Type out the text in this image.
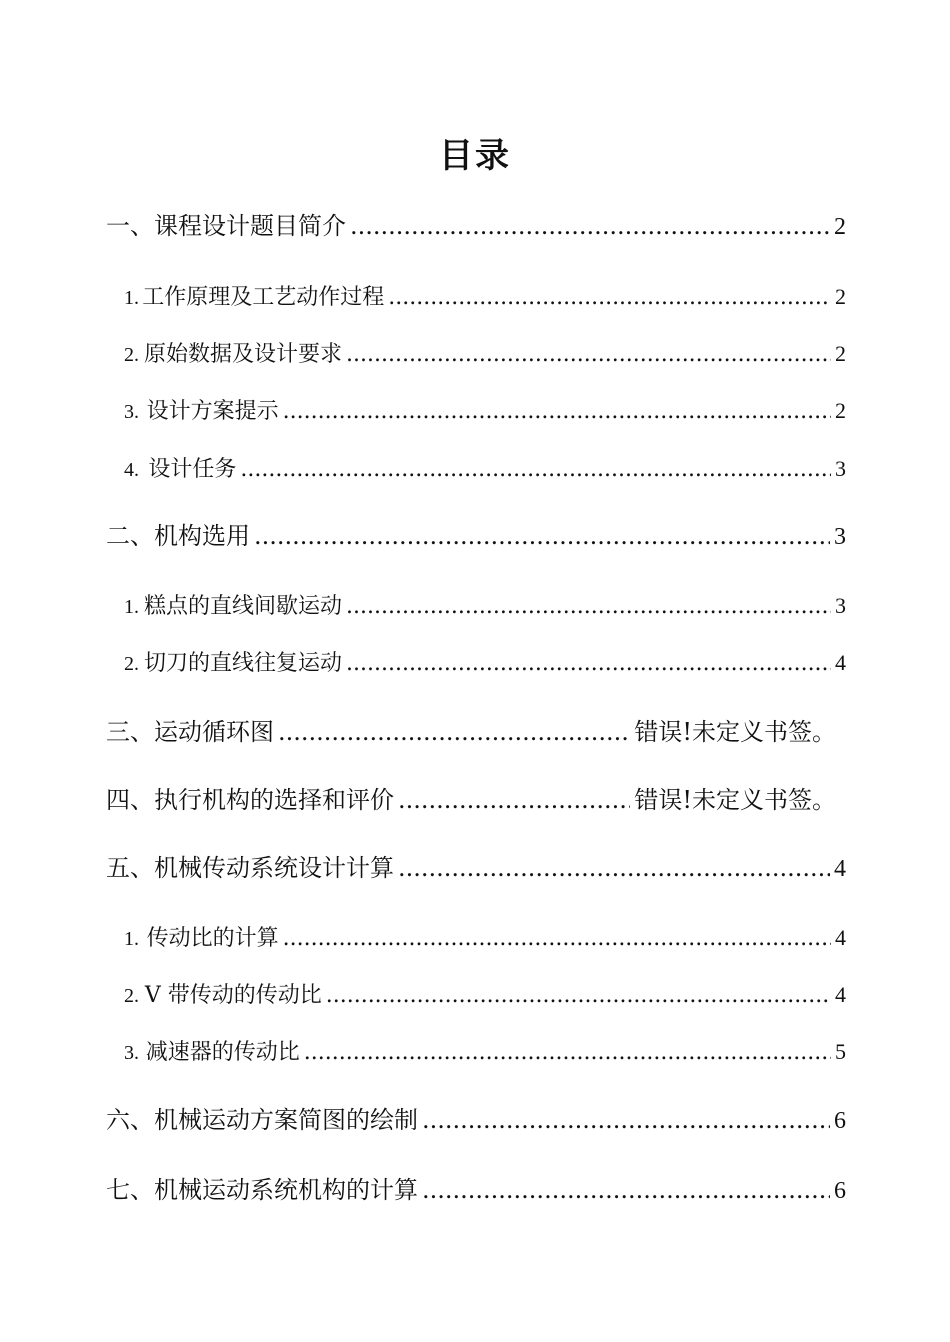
目录
一、 课程设计题目简介 .....	2
1. 工作原理及工艺动作过程 .....	2
2. 原始数据及设计要求 .....	2
3. 设计方案提示 .....	2
4. 设计任务 .....	3
二、 机构选用 .....	3
1. 糕点的直线间歇运动 .....	3
2. 切刀的直线往复运动 .....	4
三、 运动循环图 .....	错误!未定义书签。
四、 执行机构的选择和评价 .....	错误!未定义书签。
五、 机械传动系统设计计算 .....	4
1. 传动比的计算 .....	4
2. V 带传动的传动比 .....	4
3. 减速器的传动比 .....	5
六、 机械运动方案简图的绘制 .....	6
七、 机械运动系统机构的计算 .....	6
